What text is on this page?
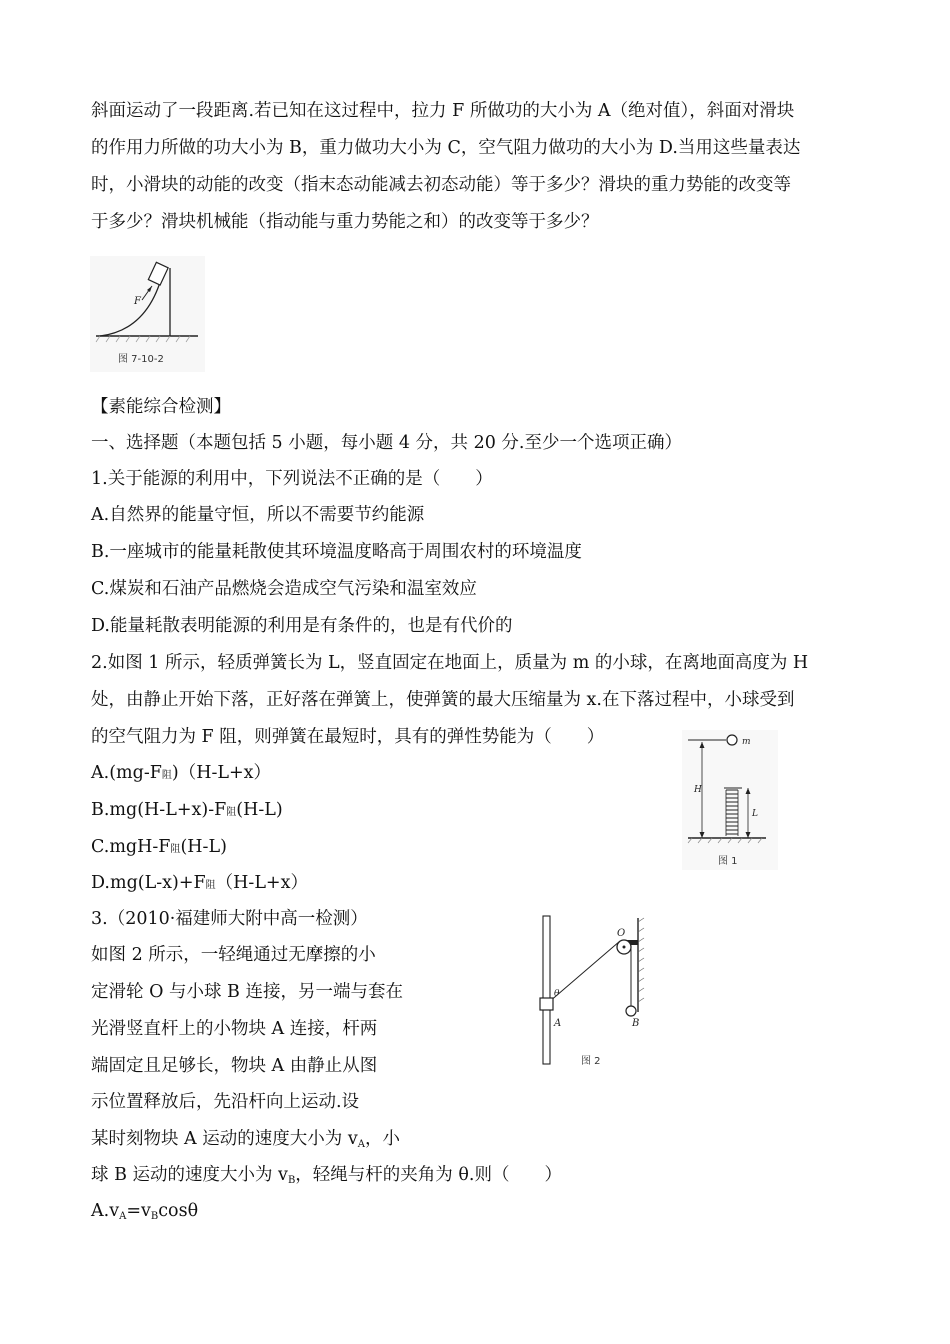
斜面运动了一段距离.若已知在这过程中，拉力 F 所做功的大小为 A（绝对值），斜面对滑块
的作用力所做的功大小为 B，重力做功大小为 C，空气阻力做功的大小为 D.当用这些量表达
时，小滑块的动能的改变（指末态动能减去初态动能）等于多少？滑块的重力势能的改变等
于多少？滑块机械能（指动能与重力势能之和）的改变等于多少？
F
图 7-10-2
【素能综合检测】
一、选择题（本题包括 5 小题，每小题 4 分，共 20 分.至少一个选项正确）
1.关于能源的利用中，下列说法不正确的是（　　）
A.自然界的能量守恒，所以不需要节约能源
B.一座城市的能量耗散使其环境温度略高于周围农村的环境温度
C.煤炭和石油产品燃烧会造成空气污染和温室效应
D.能量耗散表明能源的利用是有条件的，也是有代价的
2.如图 1 所示，轻质弹簧长为 L，竖直固定在地面上，质量为 m 的小球，在离地面高度为 H
处，由静止开始下落，正好落在弹簧上，使弹簧的最大压缩量为 x.在下落过程中，小球受到
的空气阻力为 F 阻，则弹簧在最短时，具有的弹性势能为（　　）
A.(mg-F阻)（H-L+x）
B.mg(H-L+x)-F阻(H-L)
C.mgH-F阻(H-L)
D.mg(L-x)+F阻（H-L+x）
m
H
L
图 1
3.（2010·福建师大附中高一检测）
如图 2 所示，一轻绳通过无摩擦的小
定滑轮 O 与小球 B 连接，另一端与套在
光滑竖直杆上的小物块 A 连接，杆两
端固定且足够长，物块 A 由静止从图
示位置释放后，先沿杆向上运动.设
某时刻物块 A 运动的速度大小为 vA，小
球 B 运动的速度大小为 vB，轻绳与杆的夹角为 θ.则（　　）
A.vA=vBcosθ
O
B
A
θ
图 2
